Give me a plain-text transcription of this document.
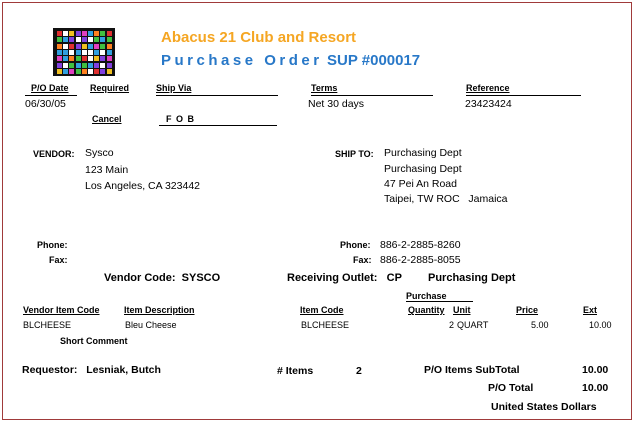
Abacus 21 Club and Resort
Purchase Order SUP #000017
P/O Date Required	Ship Via	Terms	Reference
06/30/05	Net 30 days	23423424
Cancel	F O B
VENDOR: Sysco
123 Main
Los Angeles, CA 323442
SHIP TO: Purchasing Dept
Purchasing Dept
47 Pei An Road
Taipei, TW ROC Jamaica
Phone:
Fax:
Phone: 886-2-2885-8260
Fax: 886-2-2885-8055
Vendor Code: SYSCO	Receiving Outlet: CP Purchasing Dept
Purchase
Vendor Item Code	Item Description	Item Code	Quantity Unit	Price	Ext
BLCHEESE	Bleu Cheese	BLCHEESE	2 QUART	5.00	10.00
Short Comment
Requestor: Lesniak, Butch	# Items	2	P/O Items SubTotal	10.00
P/O Total	10.00
United States Dollars
